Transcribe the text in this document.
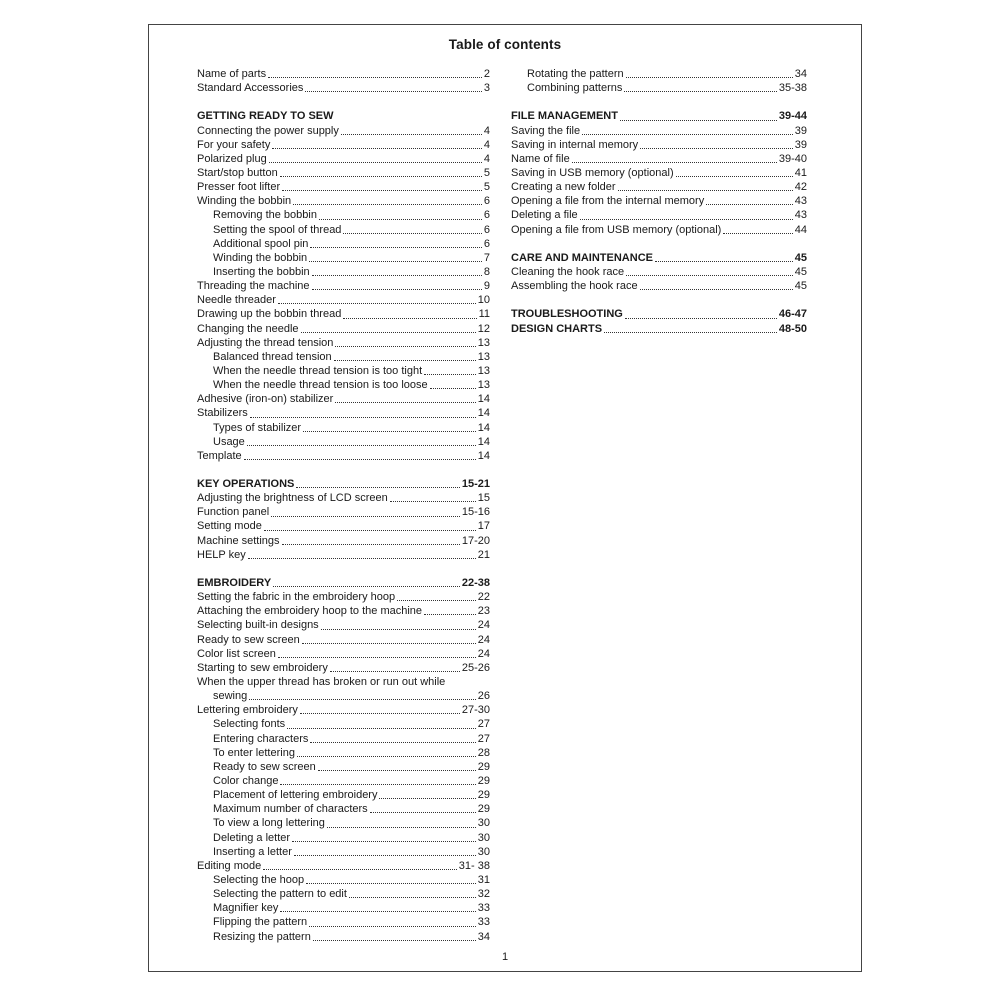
Table of contents
Name of parts	2
Standard Accessories	3
GETTING READY TO SEW
Connecting the power supply	4
For your safety	4
Polarized plug	4
Start/stop button	5
Presser foot lifter	5
Winding the bobbin	6
Removing the bobbin	6
Setting the spool of thread	6
Additional spool pin	6
Winding the bobbin	7
Inserting the bobbin	8
Threading the machine	9
Needle threader	10
Drawing up the bobbin thread	11
Changing the needle	12
Adjusting the thread tension	13
Balanced thread tension	13
When the needle thread tension is too tight	13
When the needle thread tension is too loose	13
Adhesive (iron-on) stabilizer	14
Stabilizers	14
Types of stabilizer	14
Usage	14
Template	14
KEY OPERATIONS	15-21
Adjusting the brightness of LCD screen	15
Function panel	15-16
Setting mode	17
Machine settings	17-20
HELP key	21
EMBROIDERY	22-38
Setting the fabric in the embroidery hoop	22
Attaching the embroidery hoop to the machine	23
Selecting built-in designs	24
Ready to sew screen	24
Color list screen	24
Starting to sew embroidery	25-26
When the upper thread has broken or run out while
sewing	26
Lettering embroidery	27-30
Selecting fonts	27
Entering characters	27
To enter lettering	28
Ready to sew screen	29
Color change	29
Placement of lettering embroidery	29
Maximum number of characters	29
To view a long lettering	30
Deleting a letter	30
Inserting a letter	30
Editing mode	31- 38
Selecting the hoop	31
Selecting the pattern to edit	32
Magnifier key	33
Flipping the pattern	33
Resizing the pattern	34
Rotating the pattern	34
Combining patterns	35-38
FILE MANAGEMENT	39-44
Saving the file	39
Saving in internal memory	39
Name of file	39-40
Saving in USB memory (optional)	41
Creating a new folder	42
Opening a file from the internal memory	43
Deleting a file	43
Opening a file from USB memory (optional)	44
CARE AND MAINTENANCE	45
Cleaning the hook race	45
Assembling the hook race	45
TROUBLESHOOTING	46-47
DESIGN CHARTS	48-50
1
